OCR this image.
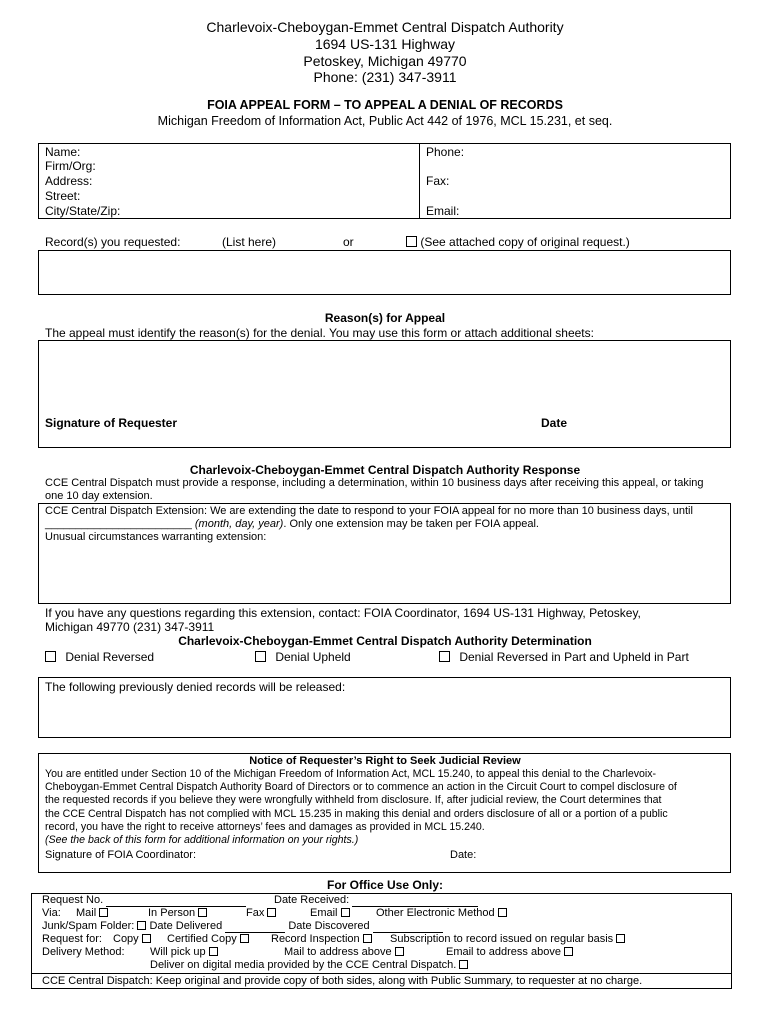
Charlevoix-Cheboygan-Emmet Central Dispatch Authority
1694 US-131 Highway
Petoskey, Michigan 49770
Phone: (231) 347-3911
FOIA APPEAL FORM – TO APPEAL A DENIAL OF RECORDS
Michigan Freedom of Information Act, Public Act 442 of 1976, MCL 15.231, et seq.
Name:
Firm/Org:
Address:
Street:
City/State/Zip:
Phone:
Fax:
Email:
Record(s) you requested:	(List here)	or	(See attached copy of original request.)
Reason(s) for Appeal
The appeal must identify the reason(s) for the denial. You may use this form or attach additional sheets:
Signature of Requester	Date
Charlevoix-Cheboygan-Emmet Central Dispatch Authority Response
CCE Central Dispatch must provide a response, including a determination, within 10 business days after receiving this appeal, or taking
one 10 day extension.
CCE Central Dispatch Extension: We are extending the date to respond to your FOIA appeal for no more than 10 business days, until
________________________ (month, day, year). Only one extension may be taken per FOIA appeal.
Unusual circumstances warranting extension:
If you have any questions regarding this extension, contact: FOIA Coordinator, 1694 US-131 Highway, Petoskey,
Michigan 49770 (231) 347-3911
Charlevoix-Cheboygan-Emmet Central Dispatch Authority Determination
Denial Reversed	Denial Upheld	Denial Reversed in Part and Upheld in Part
The following previously denied records will be released:
Notice of Requester’s Right to Seek Judicial Review
You are entitled under Section 10 of the Michigan Freedom of Information Act, MCL 15.240, to appeal this denial to the Charlevoix-
Cheboygan-Emmet Central Dispatch Authority Board of Directors or to commence an action in the Circuit Court to compel disclosure of
the requested records if you believe they were wrongfully withheld from disclosure. If, after judicial review, the Court determines that
the CCE Central Dispatch has not complied with MCL 15.235 in making this denial and orders disclosure of all or a portion of a public
record, you have the right to receive attorneys’ fees and damages as provided in MCL 15.240.
(See the back of this form for additional information on your rights.)
Signature of FOIA Coordinator:	Date:
For Office Use Only:
Request No.	Date Received:
Via: Mail	In Person	Fax	Email	Other Electronic Method
Junk/Spam Folder: Date Delivered	Date Discovered
Request for: Copy	Certified Copy	Record Inspection	Subscription to record issued on regular basis
Delivery Method: Will pick up	Mail to address above	Email to address above
Deliver on digital media provided by the CCE Central Dispatch.
CCE Central Dispatch: Keep original and provide copy of both sides, along with Public Summary, to requester at no charge.
